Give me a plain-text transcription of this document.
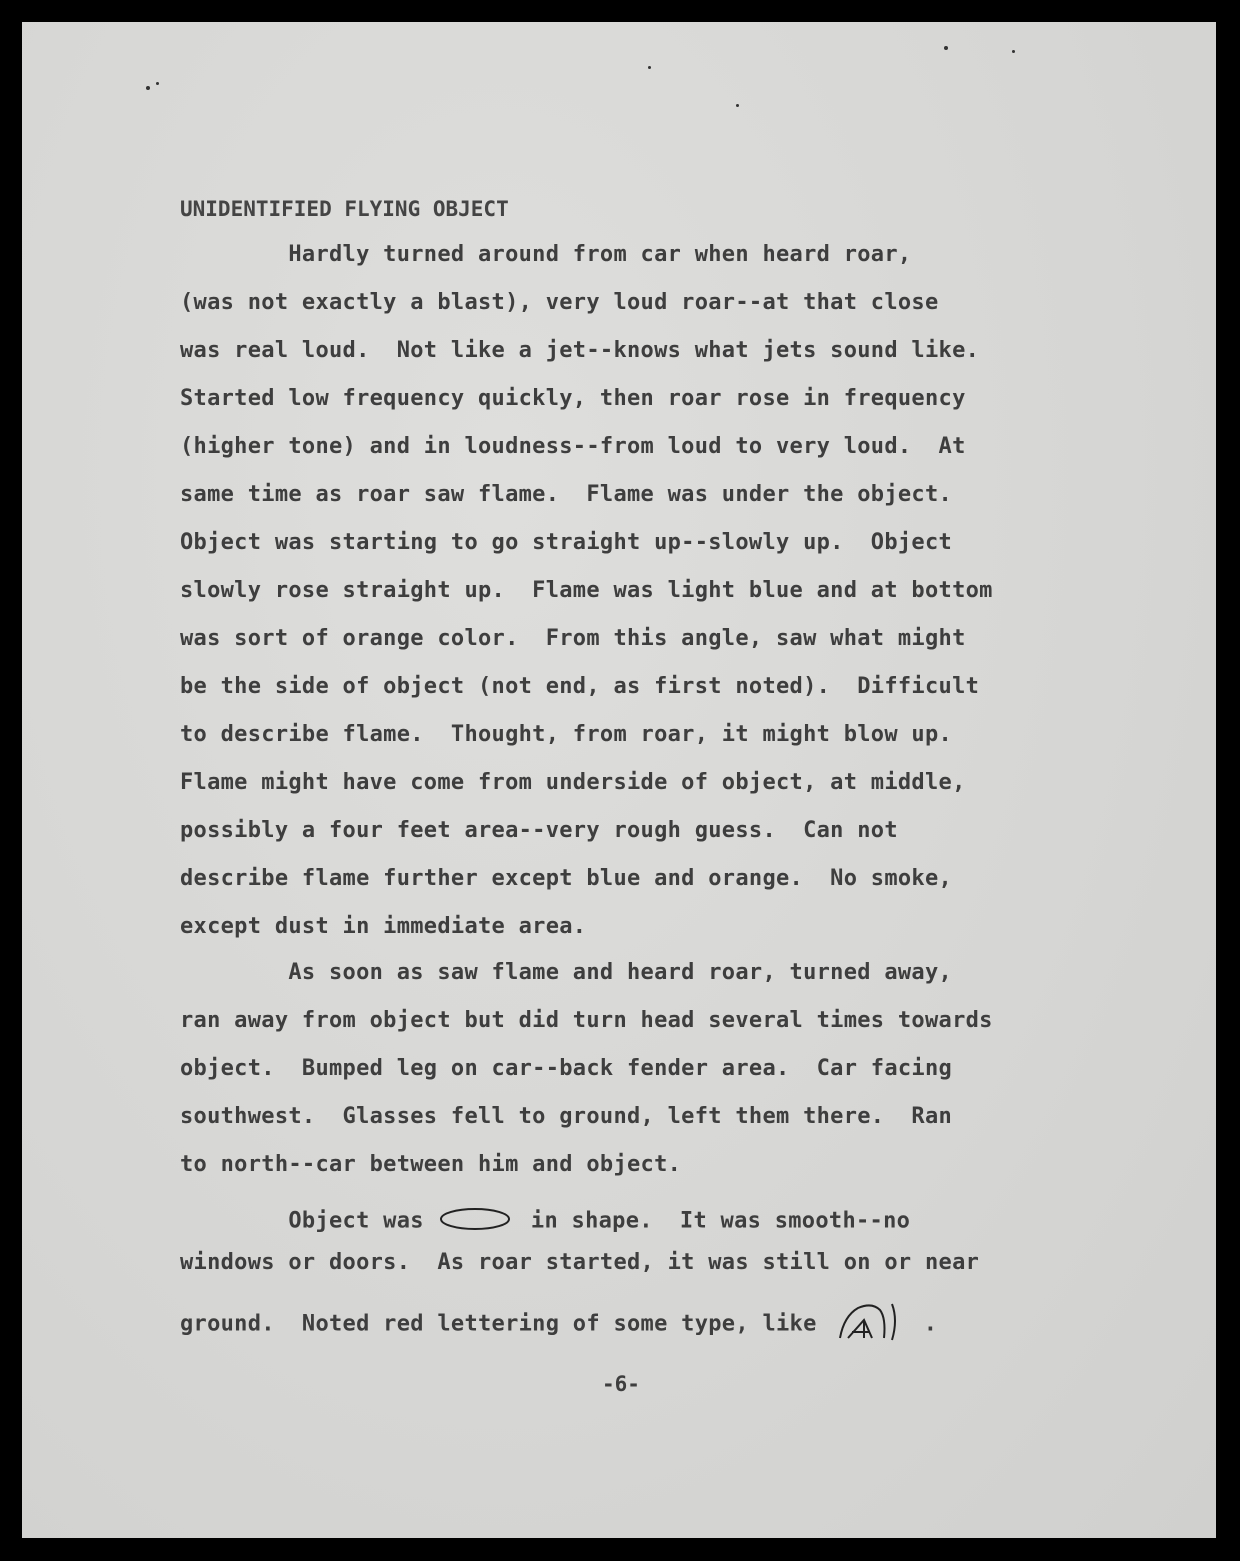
UNIDENTIFIED FLYING OBJECT

Hardly turned around from car when heard roar,

(was not exactly a blast), very loud roar--at that close

was real loud.  Not like a jet--knows what jets sound like.

Started low frequency quickly, then roar rose in frequency

(higher tone) and in loudness--from loud to very loud.  At

same time as roar saw flame.  Flame was under the object.

Object was starting to go straight up--slowly up.  Object

slowly rose straight up.  Flame was light blue and at bottom

was sort of orange color.  From this angle, saw what might

be the side of object (not end, as first noted).  Difficult

to describe flame.  Thought, from roar, it might blow up.

Flame might have come from underside of object, at middle,

possibly a four feet area--very rough guess.  Can not

describe flame further except blue and orange.  No smoke,

except dust in immediate area.

As soon as saw flame and heard roar, turned away,

ran away from object but did turn head several times towards

object.  Bumped leg on car--back fender area.  Car facing

southwest.  Glasses fell to ground, left them there.  Ran

to north--car between him and object.

Object was	in shape.  It was smooth--no

windows or doors.  As roar started, it was still on or near

ground.  Noted red lettering of some type, like	.

-6-
